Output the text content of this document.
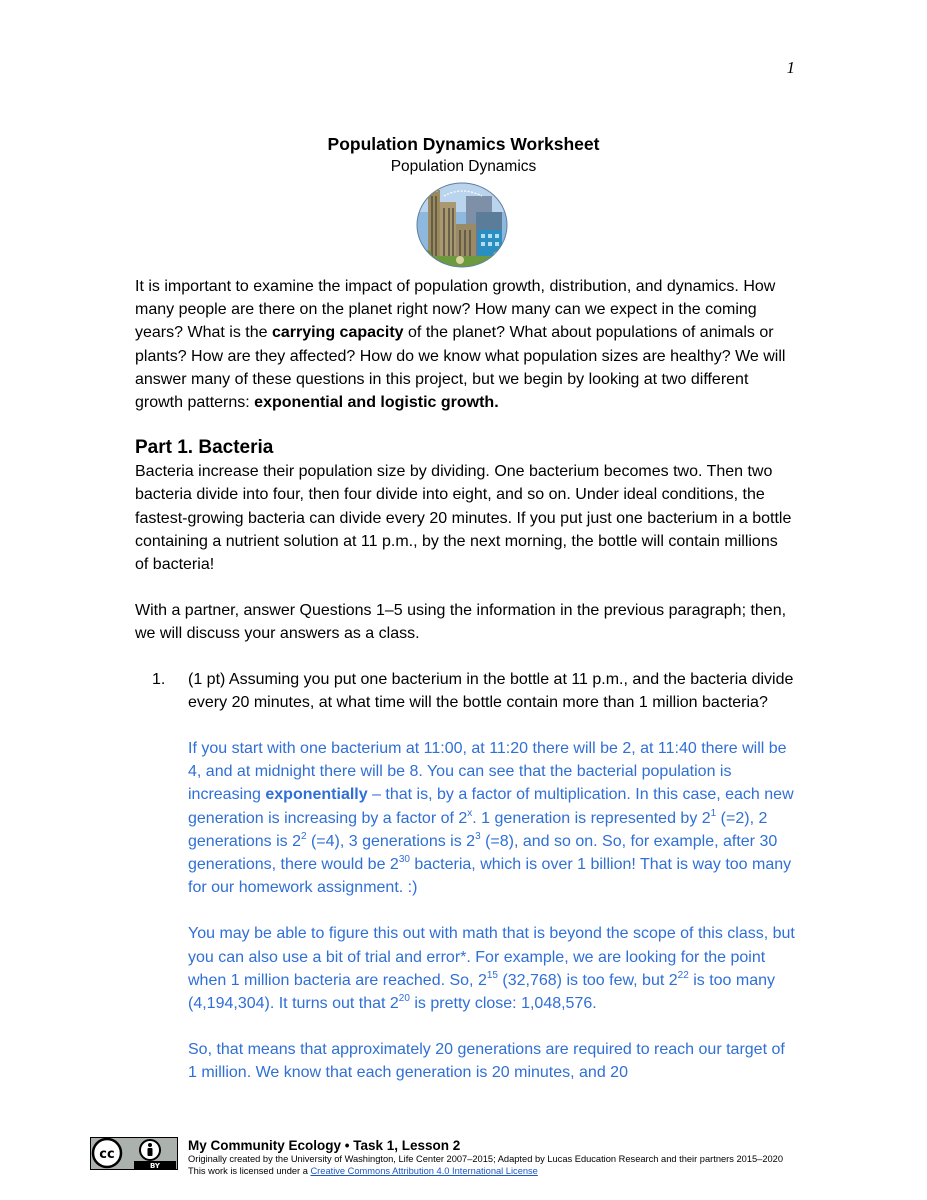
1
Population Dynamics Worksheet
Population Dynamics

It is important to examine the impact of population growth, distribution, and dynamics. How many people are there on the planet right now? How many can we expect in the coming years? What is the carrying capacity of the planet? What about populations of animals or plants? How are they affected? How do we know what population sizes are healthy? We will answer many of these questions in this project, but we begin by looking at two different growth patterns: exponential and logistic growth.

Part 1. Bacteria

Bacteria increase their population size by dividing. One bacterium becomes two. Then two bacteria divide into four, then four divide into eight, and so on. Under ideal conditions, the fastest-growing bacteria can divide every 20 minutes. If you put just one bacterium in a bottle containing a nutrient solution at 11 p.m., by the next morning, the bottle will contain millions of bacteria!

With a partner, answer Questions 1–5 using the information in the previous paragraph; then, we will discuss your answers as a class.

1. (1 pt) Assuming you put one bacterium in the bottle at 11 p.m., and the bacteria divide every 20 minutes, at what time will the bottle contain more than 1 million bacteria?

If you start with one bacterium at 11:00, at 11:20 there will be 2, at 11:40 there will be 4, and at midnight there will be 8. You can see that the bacterial population is increasing exponentially – that is, by a factor of multiplication. In this case, each new generation is increasing by a factor of 2$^x$. 1 generation is represented by $2^1$ (=2), 2 generations is $2^2$ (=4), 3 generations is $2^3$ (=8), and so on. So, for example, after 30 generations, there would be $2^{30}$ bacteria, which is over 1 billion! That is way too many for our homework assignment. :)

You may be able to figure this out with math that is beyond the scope of this class, but you can also use a bit of trial and error*. For example, we are looking for the point when 1 million bacteria are reached. So, $2^{15}$ (32,768) is too few, but $2^{22}$ is too many (4,194,304). It turns out that $2^{20}$ is pretty close: 1,048,576.

So, that means that approximately 20 generations are required to reach our target of 1 million. We know that each generation is 20 minutes, and 20

cc
BY
My Community Ecology • Task 1, Lesson 2
Originally created by the University of Washington, Life Center 2007–2015; Adapted by Lucas Education Research and their partners 2015–2020
This work is licensed under a Creative Commons Attribution 4.0 International License
